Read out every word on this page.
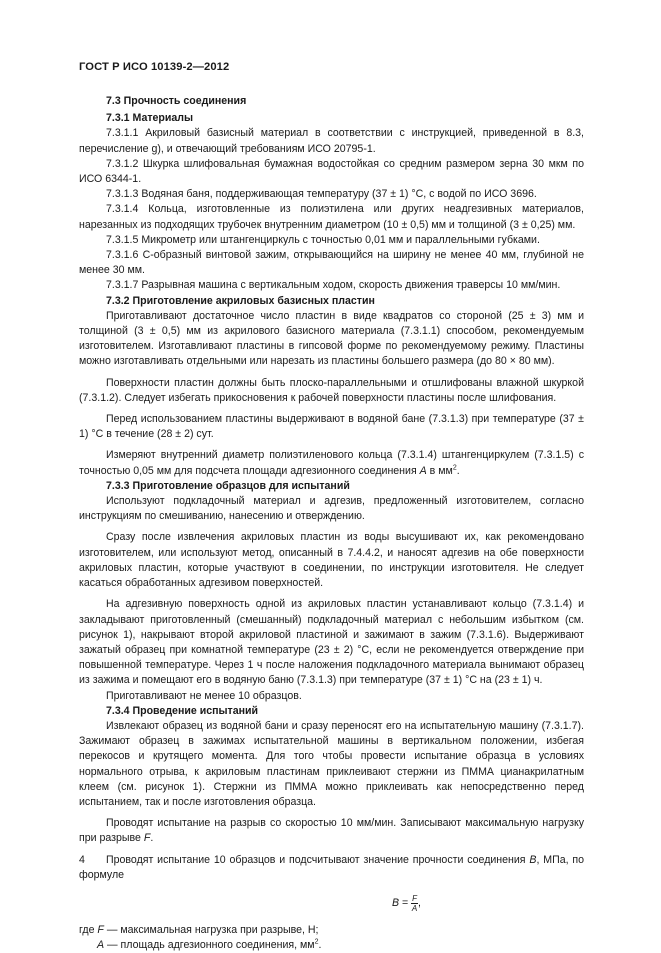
ГОСТ Р ИСО 10139-2—2012
7.3 Прочность соединения
7.3.1 Материалы

7.3.1.1 Акриловый базисный материал в соответствии с инструкцией, приведенной в 8.3, перечисление g), и отвечающий требованиям ИСО 20795-1.

7.3.1.2 Шкурка шлифовальная бумажная водостойкая со средним размером зерна 30 мкм по ИСО 6344-1.

7.3.1.3 Водяная баня, поддерживающая температуру (37 ± 1) °C, с водой по ИСО 3696.

7.3.1.4 Кольца, изготовленные из полиэтилена или других неадгезивных материалов, нарезанных из подходящих трубочек внутренним диаметром (10 ± 0,5) мм и толщиной (3 ± 0,25) мм.

7.3.1.5 Микрометр или штангенциркуль с точностью 0,01 мм и параллельными губками.

7.3.1.6 С-образный винтовой зажим, открывающийся на ширину не менее 40 мм, глубиной не менее 30 мм.

7.3.1.7 Разрывная машина с вертикальным ходом, скорость движения траверсы 10 мм/мин.

7.3.2 Приготовление акриловых базисных пластин

Приготавливают достаточное число пластин в виде квадратов со стороной (25 ± 3) мм и толщиной (3 ± 0,5) мм из акрилового базисного материала (7.3.1.1) способом, рекомендуемым изготовителем. Изготавливают пластины в гипсовой форме по рекомендуемому режиму. Пластины можно изготавливать отдельными или нарезать из пластины большего размера (до 80 × 80 мм).

Поверхности пластин должны быть плоско-параллельными и отшлифованы влажной шкуркой (7.3.1.2). Следует избегать прикосновения к рабочей поверхности пластины после шлифования.

Перед использованием пластины выдерживают в водяной бане (7.3.1.3) при температуре (37 ± 1) °C в течение (28 ± 2) сут.

Измеряют внутренний диаметр полиэтиленового кольца (7.3.1.4) штангенциркулем (7.3.1.5) с точностью 0,05 мм для подсчета площади адгезионного соединения A в $мм^2$.

7.3.3 Приготовление образцов для испытаний

Используют подкладочный материал и адгезив, предложенный изготовителем, согласно инструкциям по смешиванию, нанесению и отверждению.

Сразу после извлечения акриловых пластин из воды высушивают их, как рекомендовано изготовителем, или используют метод, описанный в 7.4.4.2, и наносят адгезив на обе поверхности акриловых пластин, которые участвуют в соединении, по инструкции изготовителя. Не следует касаться обработанных адгезивом поверхностей.

На адгезивную поверхность одной из акриловых пластин устанавливают кольцо (7.3.1.4) и закладывают приготовленный (смешанный) подкладочный материал с небольшим избытком (см. рисунок 1), накрывают второй акриловой пластиной и зажимают в зажим (7.3.1.6). Выдерживают зажатый образец при комнатной температуре (23 ± 2) °C, если не рекомендуется отверждение при повышенной температуре. Через 1 ч после наложения подкладочного материала вынимают образец из зажима и помещают его в водяную баню (7.3.1.3) при температуре (37 ± 1) °C на (23 ± 1) ч.

Приготавливают не менее 10 образцов.

7.3.4 Проведение испытаний

Извлекают образец из водяной бани и сразу переносят его на испытательную машину (7.3.1.7). Зажимают образец в зажимах испытательной машины в вертикальном положении, избегая перекосов и крутящего момента. Для того чтобы провести испытание образца в условиях нормального отрыва, к акриловым пластинам приклеивают стержни из ПММА цианакрилатным клеем (см. рисунок 1). Стержни из ПММА можно приклеивать как непосредственно перед испытанием, так и после изготовления образца.

Проводят испытание на разрыв со скоростью 10 мм/мин. Записывают максимальную нагрузку при разрыве F.

Проводят испытание 10 образцов и подсчитывают значение прочности соединения B, МПа, по формуле

$B = \frac{F}{A}$ ,

где F — максимальная нагрузка при разрыве, Н;

A — площадь адгезионного соединения, $мм^2$.

4
